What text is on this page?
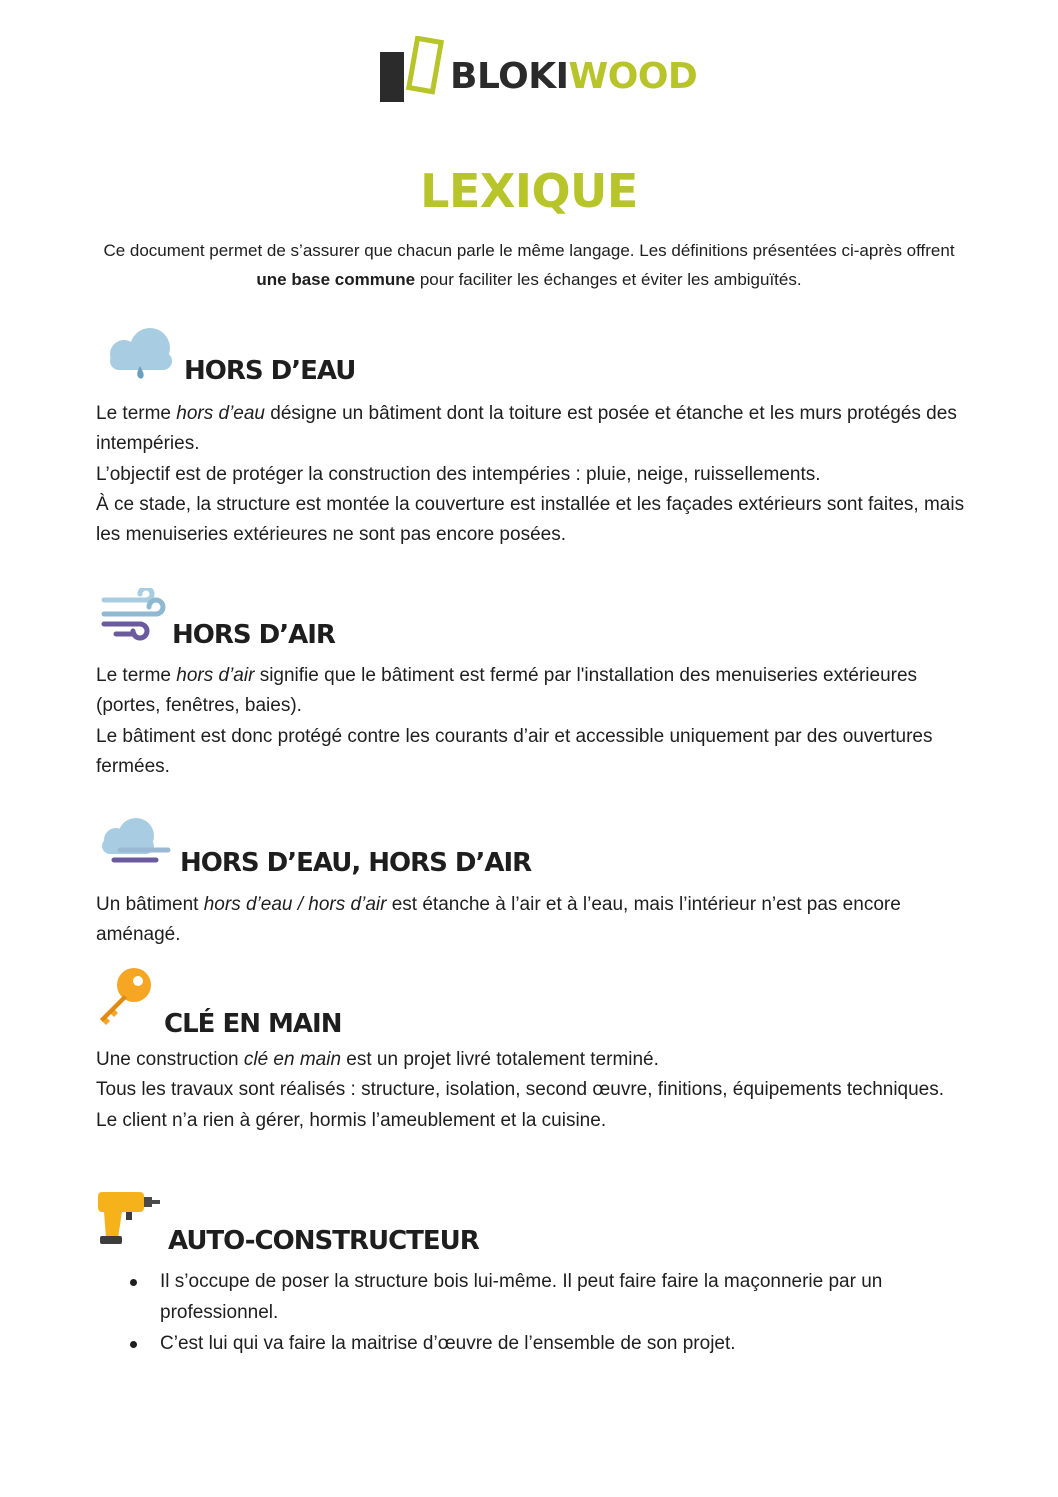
BLOKIWOOD
LEXIQUE

Ce document permet de s’assurer que chacun parle le même langage. Les définitions présentées ci-après offrent une base commune pour faciliter les échanges et éviter les ambiguïtés.

HORS D’EAU

Le terme hors d’eau désigne un bâtiment dont la toiture est posée et étanche et les murs protégés des intempéries.

L’objectif est de protéger la construction des intempéries : pluie, neige, ruissellements.

À ce stade, la structure est montée la couverture est installée et les façades extérieurs sont faites, mais les menuiseries extérieures ne sont pas encore posées.

HORS D’AIR

Le terme hors d’air signifie que le bâtiment est fermé par l'installation des menuiseries extérieures (portes, fenêtres, baies).

Le bâtiment est donc protégé contre les courants d’air et accessible uniquement par des ouvertures fermées.

HORS D’EAU, HORS D’AIR

Un bâtiment hors d’eau / hors d’air est étanche à l’air et à l’eau, mais l’intérieur n’est pas encore aménagé.

CLÉ EN MAIN

Une construction clé en main est un projet livré totalement terminé.

Tous les travaux sont réalisés : structure, isolation, second œuvre, finitions, équipements techniques.

Le client n’a rien à gérer, hormis l’ameublement et la cuisine.

AUTO-CONSTRUCTEUR
Il s’occupe de poser la structure bois lui-même. Il peut faire faire la maçonnerie par un professionnel.
C’est lui qui va faire la maitrise d’œuvre de l’ensemble de son projet.
